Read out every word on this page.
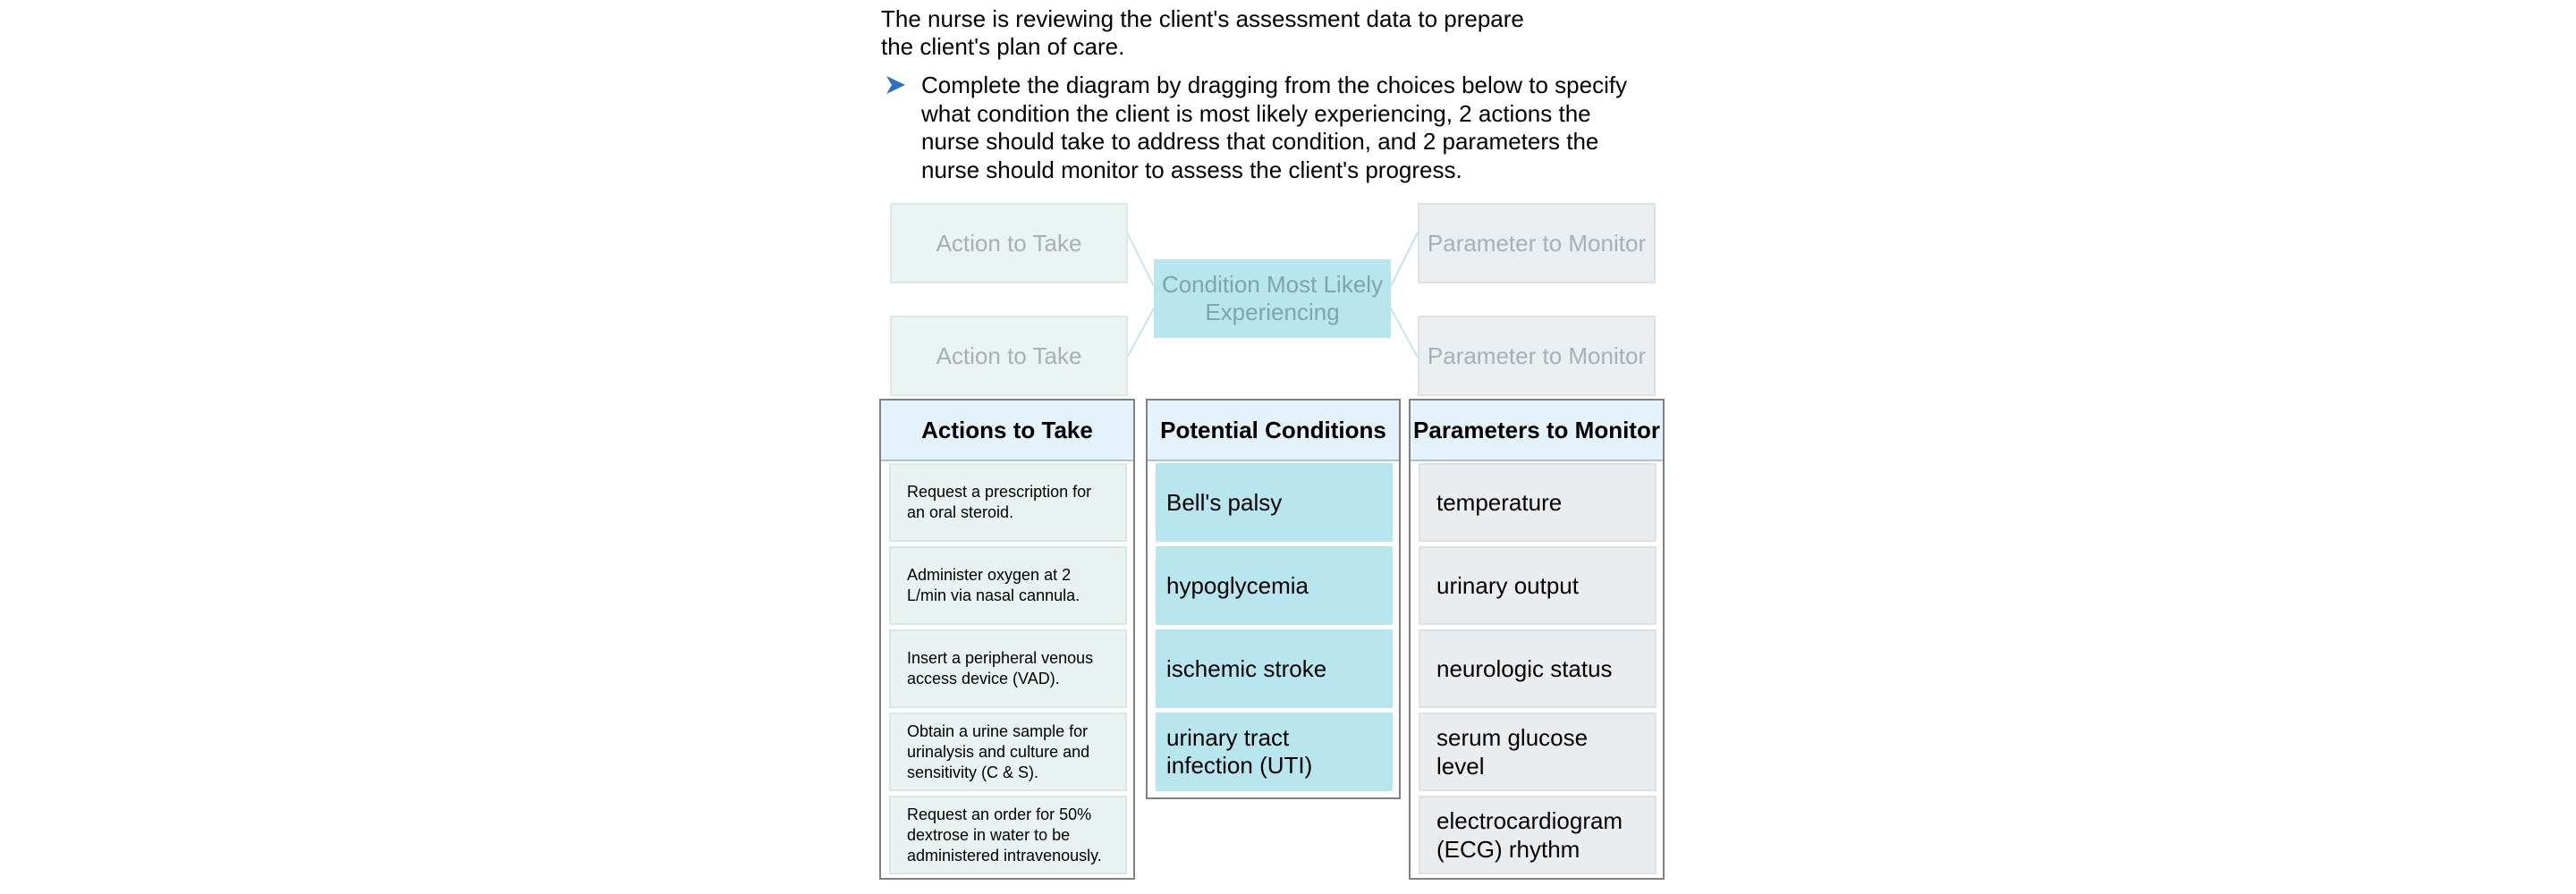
The nurse is reviewing the client's assessment data to prepare the client's plan of care.
Complete the diagram by dragging from the choices below to specify what condition the client is most likely experiencing, 2 actions the nurse should take to address that condition, and 2 parameters the nurse should monitor to assess the client's progress.
Action to Take
Action to Take
Condition Most Likely Experiencing
Parameter to Monitor
Parameter to Monitor
Actions to Take
Request a prescription for an oral steroid.
Administer oxygen at 2 L/min via nasal cannula.
Insert a peripheral venous access device (VAD).
Obtain a urine sample for urinalysis and culture and sensitivity (C & S).
Request an order for 50% dextrose in water to be administered intravenously.
Potential Conditions
Bell's palsy
hypoglycemia
ischemic stroke
urinary tract infection (UTI)
Parameters to Monitor
temperature
urinary output
neurologic status
serum glucose level
electrocardiogram (ECG) rhythm
